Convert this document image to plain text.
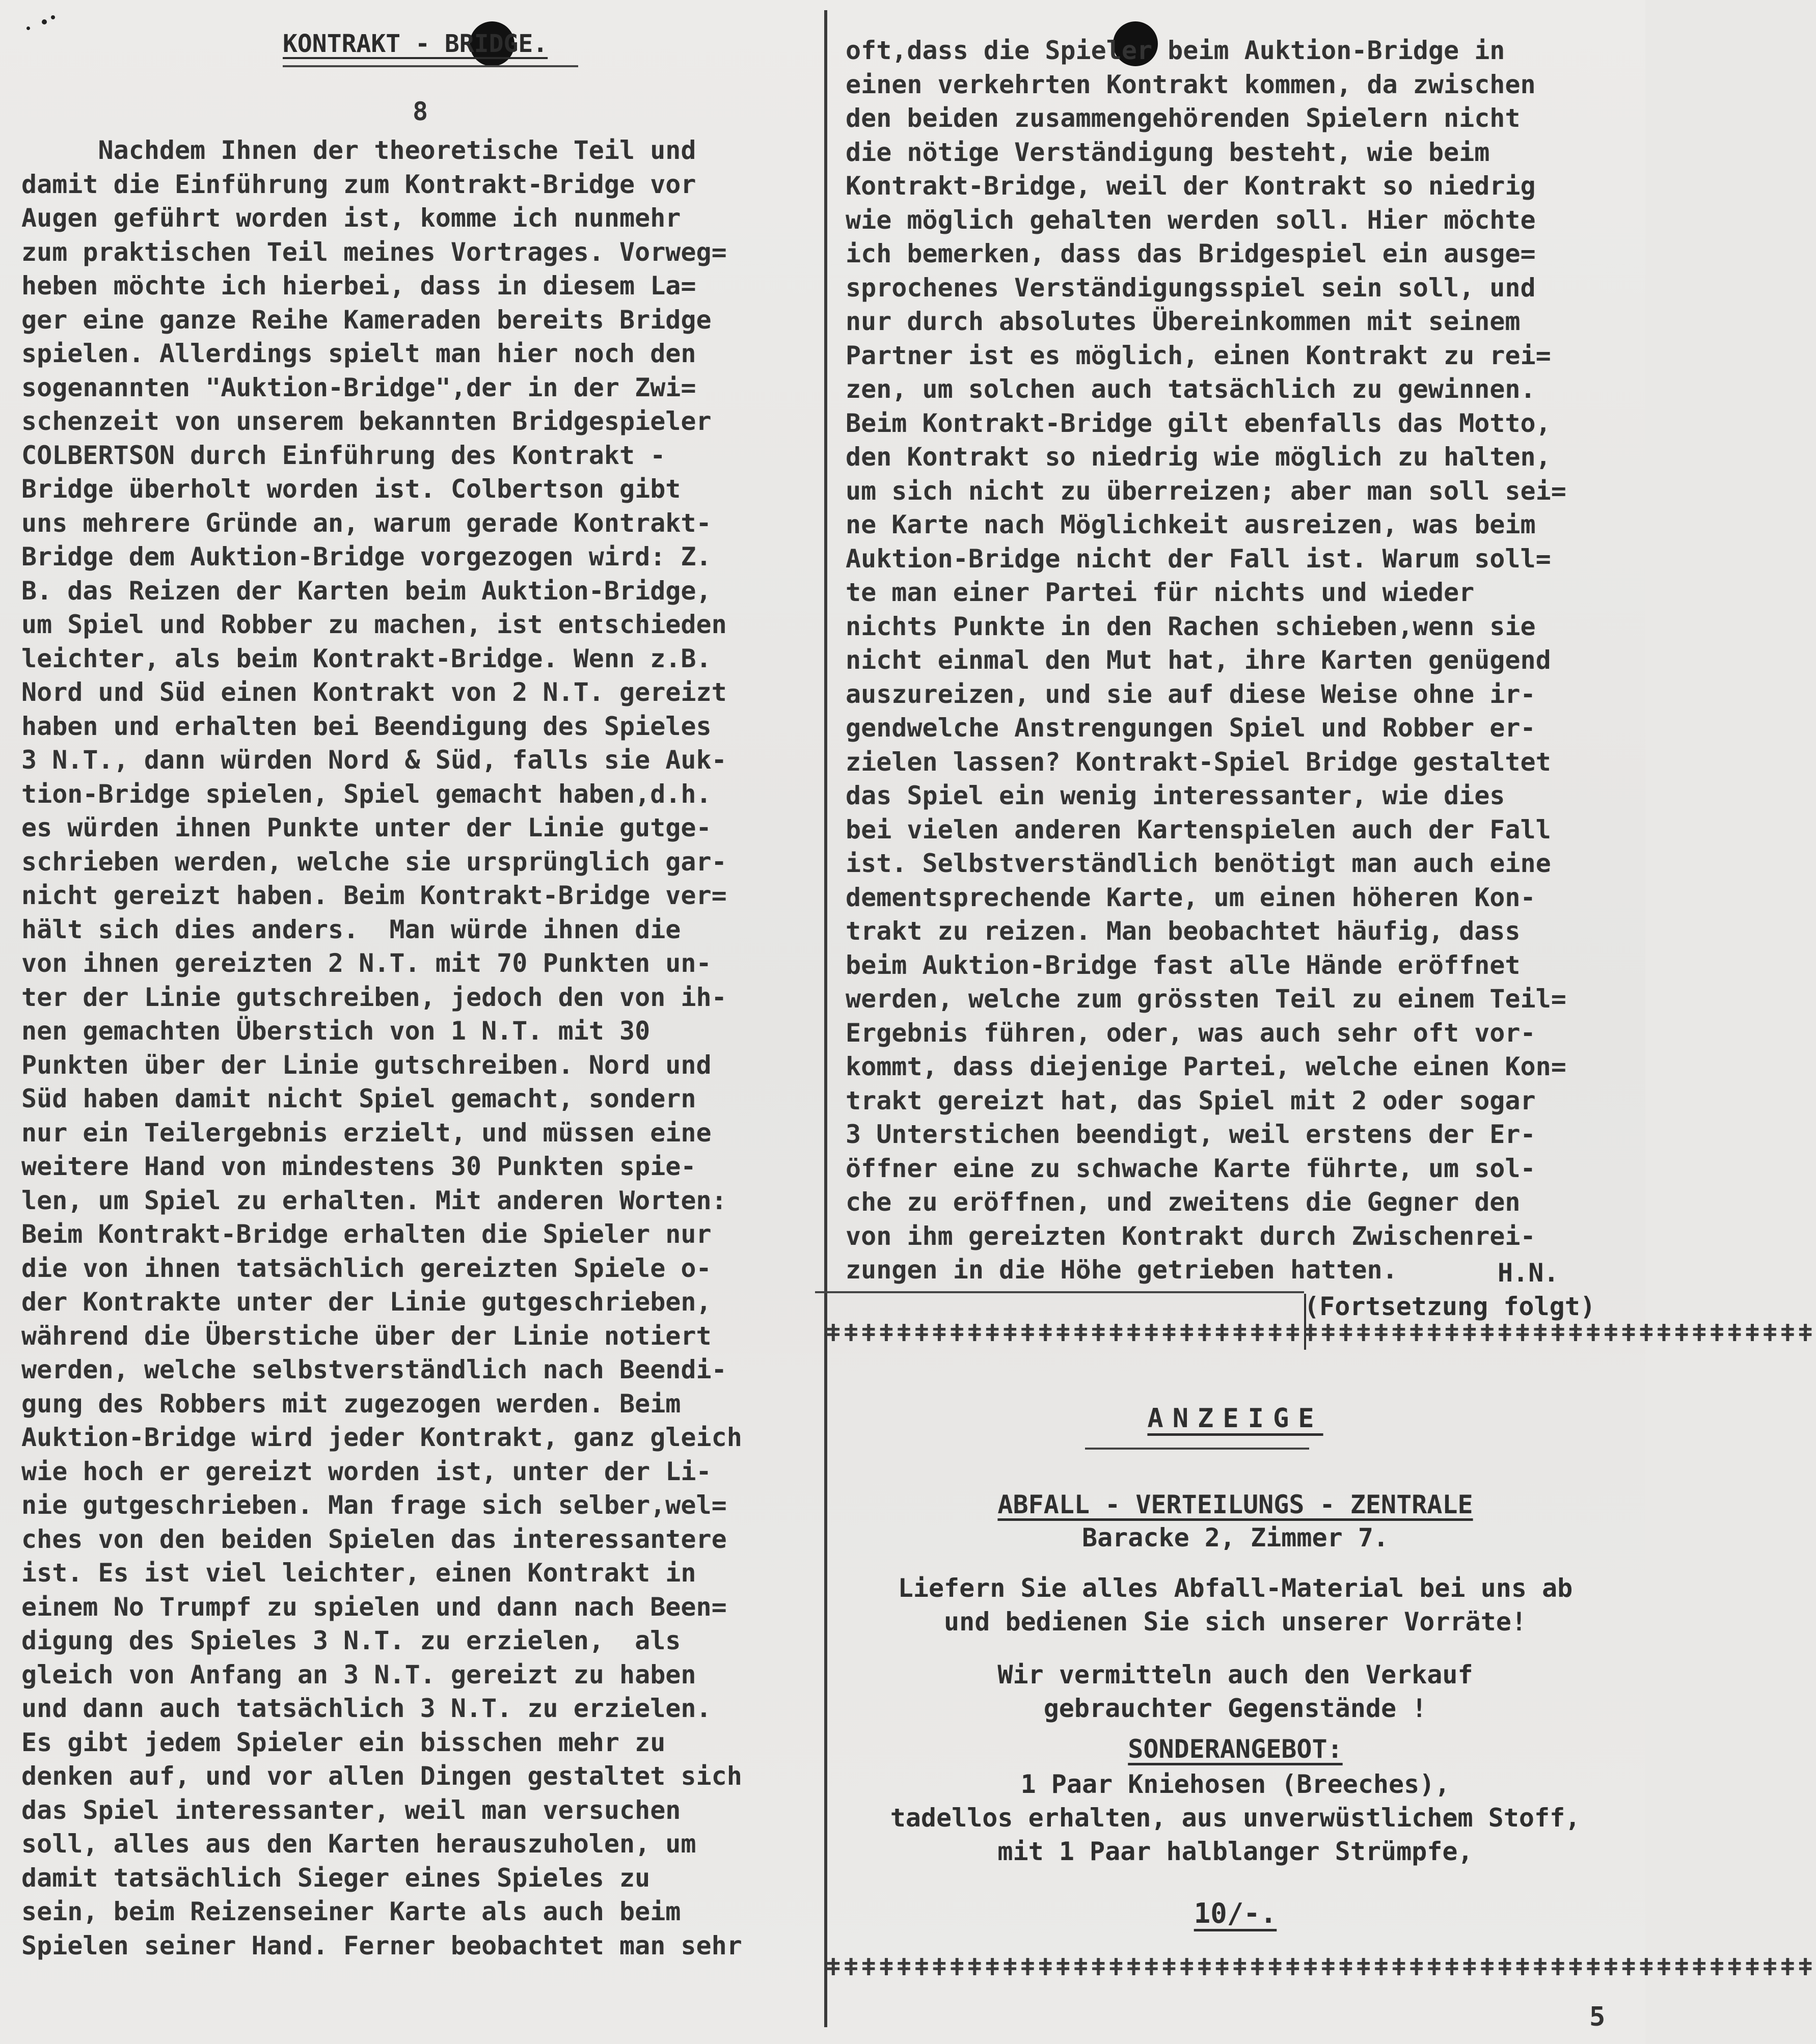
KONTRAKT - BRIDGE.
8
Nachdem Ihnen der theoretische Teil und
damit die Einführung zum Kontrakt-Bridge vor
Augen geführt worden ist, komme ich nunmehr
zum praktischen Teil meines Vortrages. Vorweg=
heben möchte ich hierbei, dass in diesem La=
ger eine ganze Reihe Kameraden bereits Bridge
spielen. Allerdings spielt man hier noch den
sogenannten "Auktion-Bridge",der in der Zwi=
schenzeit von unserem bekannten Bridgespieler
COLBERTSON durch Einführung des Kontrakt -
Bridge überholt worden ist. Colbertson gibt
uns mehrere Gründe an, warum gerade Kontrakt-
Bridge dem Auktion-Bridge vorgezogen wird: Z.
B. das Reizen der Karten beim Auktion-Bridge,
um Spiel und Robber zu machen, ist entschieden
leichter, als beim Kontrakt-Bridge. Wenn z.B.
Nord und Süd einen Kontrakt von 2 N.T. gereizt
haben und erhalten bei Beendigung des Spieles
3 N.T., dann würden Nord & Süd, falls sie Auk-
tion-Bridge spielen, Spiel gemacht haben,d.h.
es würden ihnen Punkte unter der Linie gutge-
schrieben werden, welche sie ursprünglich gar-
nicht gereizt haben. Beim Kontrakt-Bridge ver=
hält sich dies anders.  Man würde ihnen die
von ihnen gereizten 2 N.T. mit 70 Punkten un-
ter der Linie gutschreiben, jedoch den von ih-
nen gemachten Überstich von 1 N.T. mit 30
Punkten über der Linie gutschreiben. Nord und
Süd haben damit nicht Spiel gemacht, sondern
nur ein Teilergebnis erzielt, und müssen eine
weitere Hand von mindestens 30 Punkten spie-
len, um Spiel zu erhalten. Mit anderen Worten:
Beim Kontrakt-Bridge erhalten die Spieler nur
die von ihnen tatsächlich gereizten Spiele o-
der Kontrakte unter der Linie gutgeschrieben,
während die Überstiche über der Linie notiert
werden, welche selbstverständlich nach Beendi-
gung des Robbers mit zugezogen werden. Beim
Auktion-Bridge wird jeder Kontrakt, ganz gleich
wie hoch er gereizt worden ist, unter der Li-
nie gutgeschrieben. Man frage sich selber,wel=
ches von den beiden Spielen das interessantere
ist. Es ist viel leichter, einen Kontrakt in
einem No Trumpf zu spielen und dann nach Been=
digung des Spieles 3 N.T. zu erzielen,  als
gleich von Anfang an 3 N.T. gereizt zu haben
und dann auch tatsächlich 3 N.T. zu erzielen.
Es gibt jedem Spieler ein bisschen mehr zu
denken auf, und vor allen Dingen gestaltet sich
das Spiel interessanter, weil man versuchen
soll, alles aus den Karten herauszuholen, um
damit tatsächlich Sieger eines Spieles zu
sein, beim Reizenseiner Karte als auch beim
Spielen seiner Hand. Ferner beobachtet man sehr
oft,dass die Spieler beim Auktion-Bridge in
einen verkehrten Kontrakt kommen, da zwischen
den beiden zusammengehörenden Spielern nicht
die nötige Verständigung besteht, wie beim
Kontrakt-Bridge, weil der Kontrakt so niedrig
wie möglich gehalten werden soll. Hier möchte
ich bemerken, dass das Bridgespiel ein ausge=
sprochenes Verständigungsspiel sein soll, und
nur durch absolutes Übereinkommen mit seinem
Partner ist es möglich, einen Kontrakt zu rei=
zen, um solchen auch tatsächlich zu gewinnen.
Beim Kontrakt-Bridge gilt ebenfalls das Motto,
den Kontrakt so niedrig wie möglich zu halten,
um sich nicht zu überreizen; aber man soll sei=
ne Karte nach Möglichkeit ausreizen, was beim
Auktion-Bridge nicht der Fall ist. Warum soll=
te man einer Partei für nichts und wieder
nichts Punkte in den Rachen schieben,wenn sie
nicht einmal den Mut hat, ihre Karten genügend
auszureizen, und sie auf diese Weise ohne ir-
gendwelche Anstrengungen Spiel und Robber er-
zielen lassen? Kontrakt-Spiel Bridge gestaltet
das Spiel ein wenig interessanter, wie dies
bei vielen anderen Kartenspielen auch der Fall
ist. Selbstverständlich benötigt man auch eine
dementsprechende Karte, um einen höheren Kon-
trakt zu reizen. Man beobachtet häufig, dass
beim Auktion-Bridge fast alle Hände eröffnet
werden, welche zum grössten Teil zu einem Teil=
Ergebnis führen, oder, was auch sehr oft vor-
kommt, dass diejenige Partei, welche einen Kon=
trakt gereizt hat, das Spiel mit 2 oder sogar
3 Unterstichen beendigt, weil erstens der Er-
öffner eine zu schwache Karte führte, um sol-
che zu eröffnen, und zweitens die Gegner den
von ihm gereizten Kontrakt durch Zwischenrei-
zungen in die Höhe getrieben hatten.	H.N.
(Fortsetzung folgt)
ǂǂǂǂǂǂǂǂǂǂǂǂǂǂǂǂǂǂǂǂǂǂǂǂǂǂǂǂǂǂǂǂǂǂǂǂǂǂǂǂǂǂǂǂǂǂǂǂǂǂǂǂǂǂǂǂ
ANZEIGE
ABFALL - VERTEILUNGS - ZENTRALE
Baracke 2, Zimmer 7.
Liefern Sie alles Abfall-Material bei uns ab
und bedienen Sie sich unserer Vorräte!
Wir vermitteln auch den Verkauf
gebrauchter Gegenstände !
SONDERANGEBOT:
1 Paar Kniehosen (Breeches),
tadellos erhalten, aus unverwüstlichem Stoff,
mit 1 Paar halblanger Strümpfe,
10/-.
ǂǂǂǂǂǂǂǂǂǂǂǂǂǂǂǂǂǂǂǂǂǂǂǂǂǂǂǂǂǂǂǂǂǂǂǂǂǂǂǂǂǂǂǂǂǂǂǂǂǂǂǂǂǂǂǂ
5
